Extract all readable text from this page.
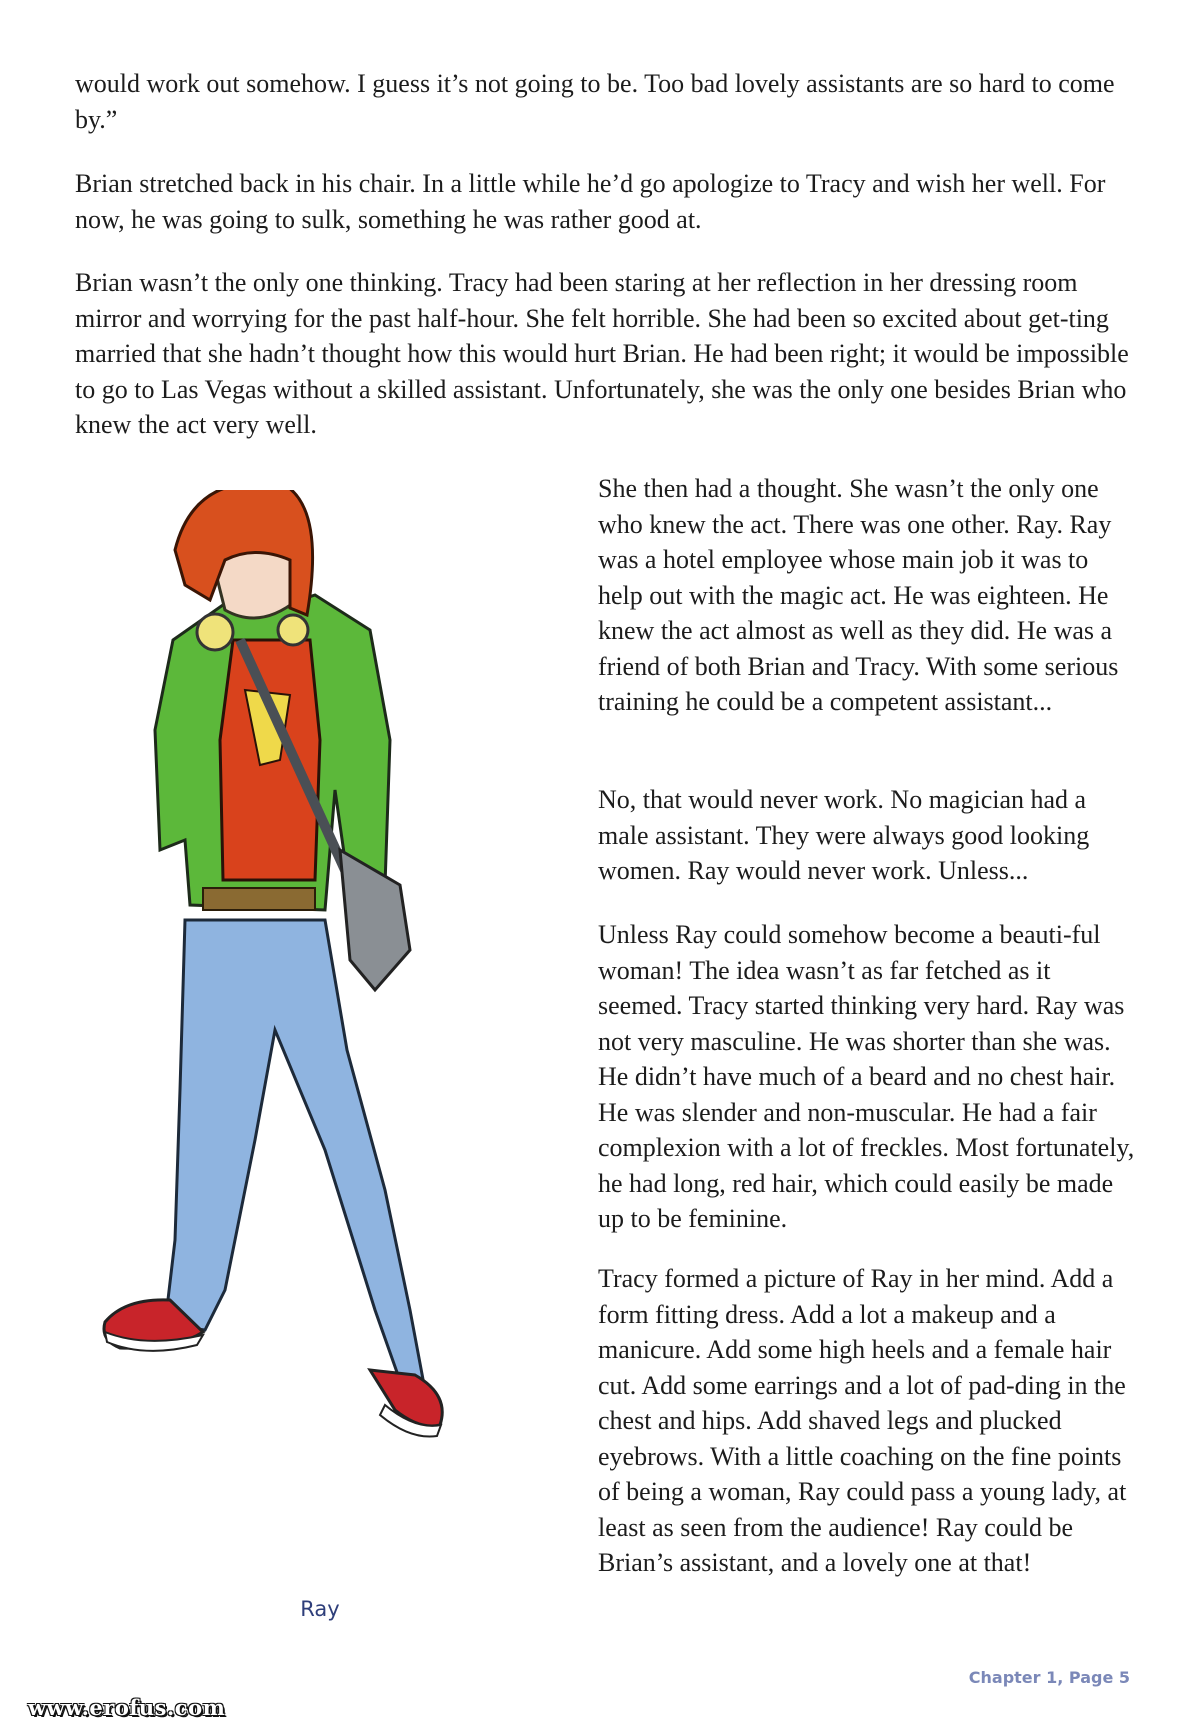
would work out somehow. I guess it’s not going to be. Too bad lovely assistants are so hard to come by.”

Brian stretched back in his chair. In a little while he’d go apologize to Tracy and wish her well. For now, he was going to sulk, something he was rather good at.

Brian wasn’t the only one thinking. Tracy had been staring at her reflection in her dressing room mirror and worrying for the past half-hour. She felt horrible. She had been so excited about get-ting married that she hadn’t thought how this would hurt Brian. He had been right; it would be impossible to go to Las Vegas without a skilled assistant. Unfortunately, she was the only one besides Brian who knew the act very well.

Ray

She then had a thought. She wasn’t the only one who knew the act. There was one other. Ray. Ray was a hotel employee whose main job it was to help out with the magic act. He was eighteen. He knew the act almost as well as they did. He was a friend of both Brian and Tracy. With some serious training he could be a competent assistant...

No, that would never work. No magician had a male assistant. They were always good looking women. Ray would never work. Unless...

Unless Ray could somehow become a beauti-ful woman! The idea wasn’t as far fetched as it seemed. Tracy started thinking very hard. Ray was not very masculine. He was shorter than she was. He didn’t have much of a beard and no chest hair. He was slender and non-muscular. He had a fair complexion with a lot of freckles. Most fortunately, he had long, red hair, which could easily be made up to be feminine.

Tracy formed a picture of Ray in her mind. Add a form fitting dress. Add a lot a makeup and a manicure. Add some high heels and a female hair cut. Add some earrings and a lot of pad-ding in the chest and hips. Add shaved legs and plucked eyebrows. With a little coaching on the fine points of being a woman, Ray could pass a young lady, at least as seen from the audience! Ray could be Brian’s assistant, and a lovely one at that!

Chapter 1, Page 5
www.erofus.com
